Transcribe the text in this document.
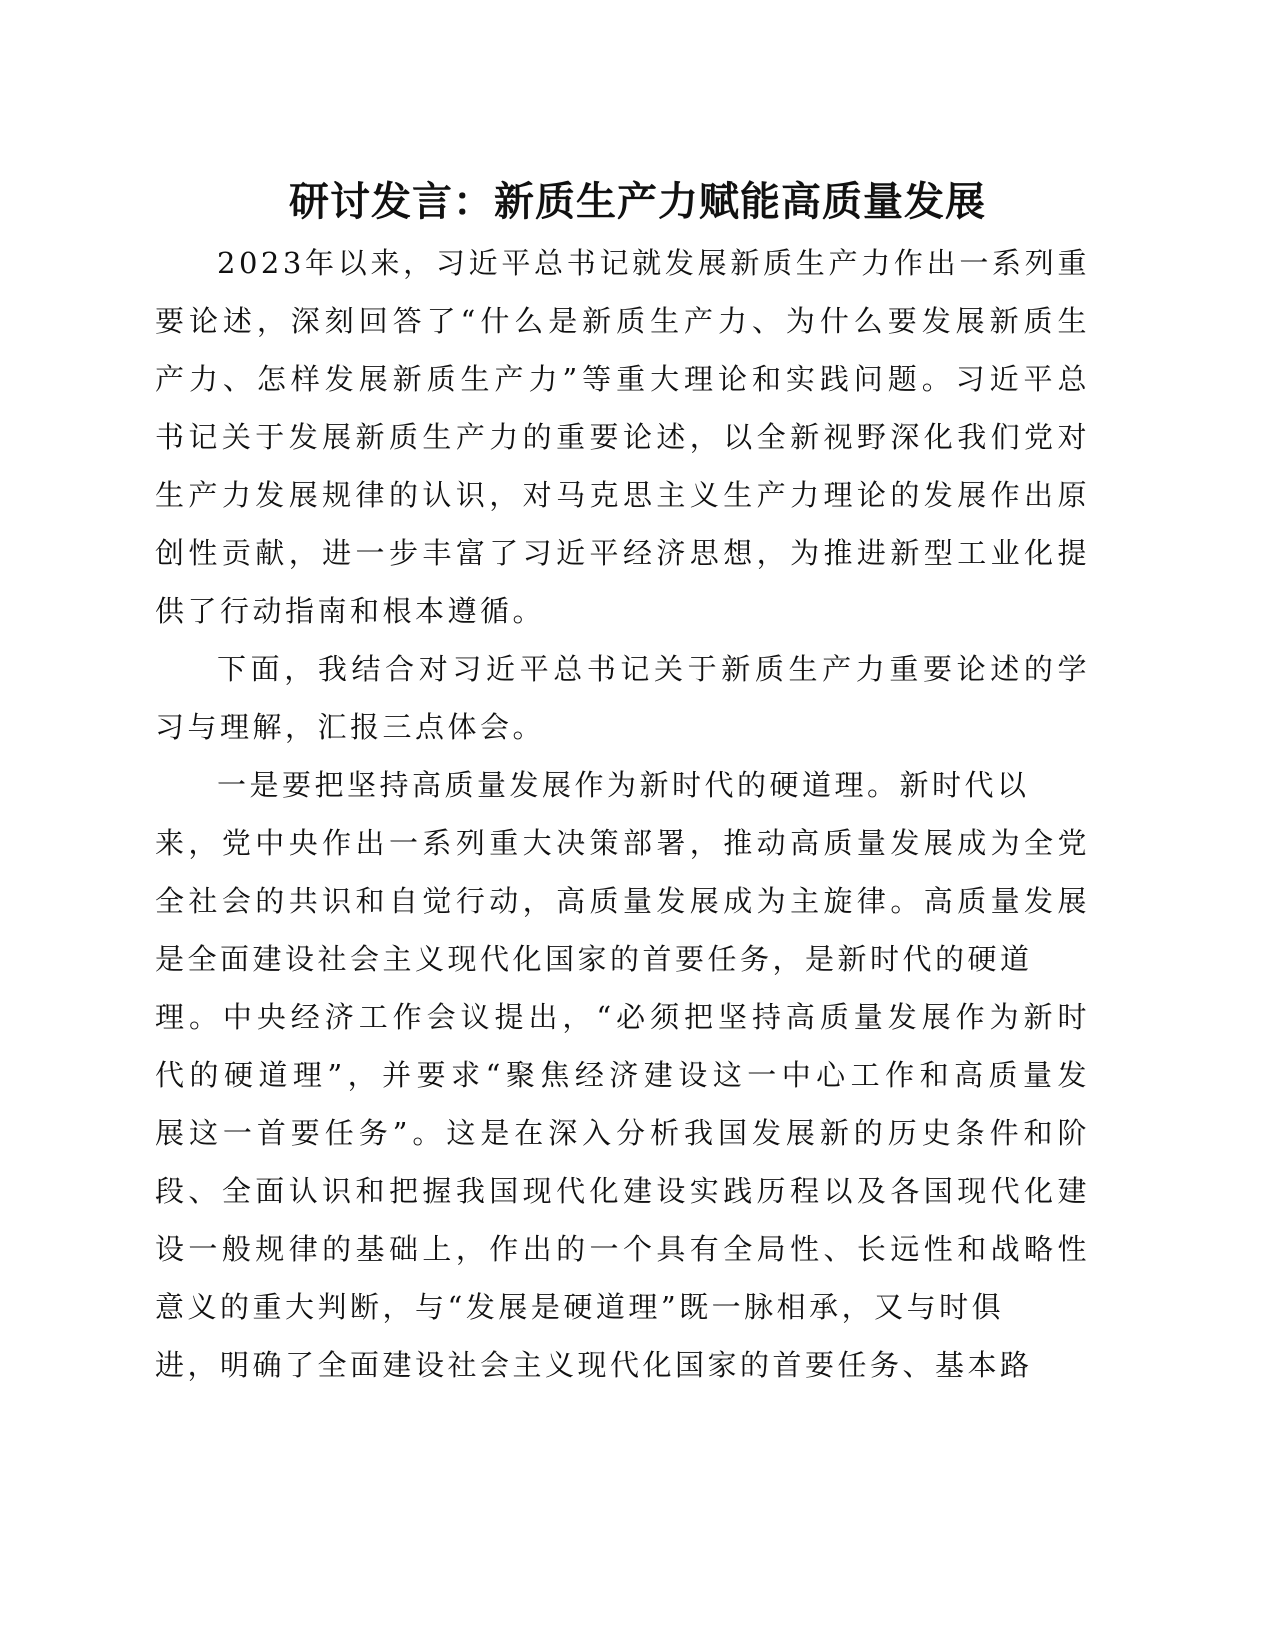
研讨发言：新质生产力赋能高质量发展
2023年以来，习近平总书记就发展新质生产力作出一系列重
要论述，深刻回答了“什么是新质生产力、为什么要发展新质生
产力、怎样发展新质生产力”等重大理论和实践问题。习近平总
书记关于发展新质生产力的重要论述，以全新视野深化我们党对
生产力发展规律的认识，对马克思主义生产力理论的发展作出原
创性贡献，进一步丰富了习近平经济思想，为推进新型工业化提
供了行动指南和根本遵循。
下面，我结合对习近平总书记关于新质生产力重要论述的学
习与理解，汇报三点体会。
一是要把坚持高质量发展作为新时代的硬道理。新时代以
来，党中央作出一系列重大决策部署，推动高质量发展成为全党
全社会的共识和自觉行动，高质量发展成为主旋律。高质量发展
是全面建设社会主义现代化国家的首要任务，是新时代的硬道
理。中央经济工作会议提出，“必须把坚持高质量发展作为新时
代的硬道理”，并要求“聚焦经济建设这一中心工作和高质量发
展这一首要任务”。这是在深入分析我国发展新的历史条件和阶
段、全面认识和把握我国现代化建设实践历程以及各国现代化建
设一般规律的基础上，作出的一个具有全局性、长远性和战略性
意义的重大判断，与“发展是硬道理”既一脉相承，又与时俱
进，明确了全面建设社会主义现代化国家的首要任务、基本路
